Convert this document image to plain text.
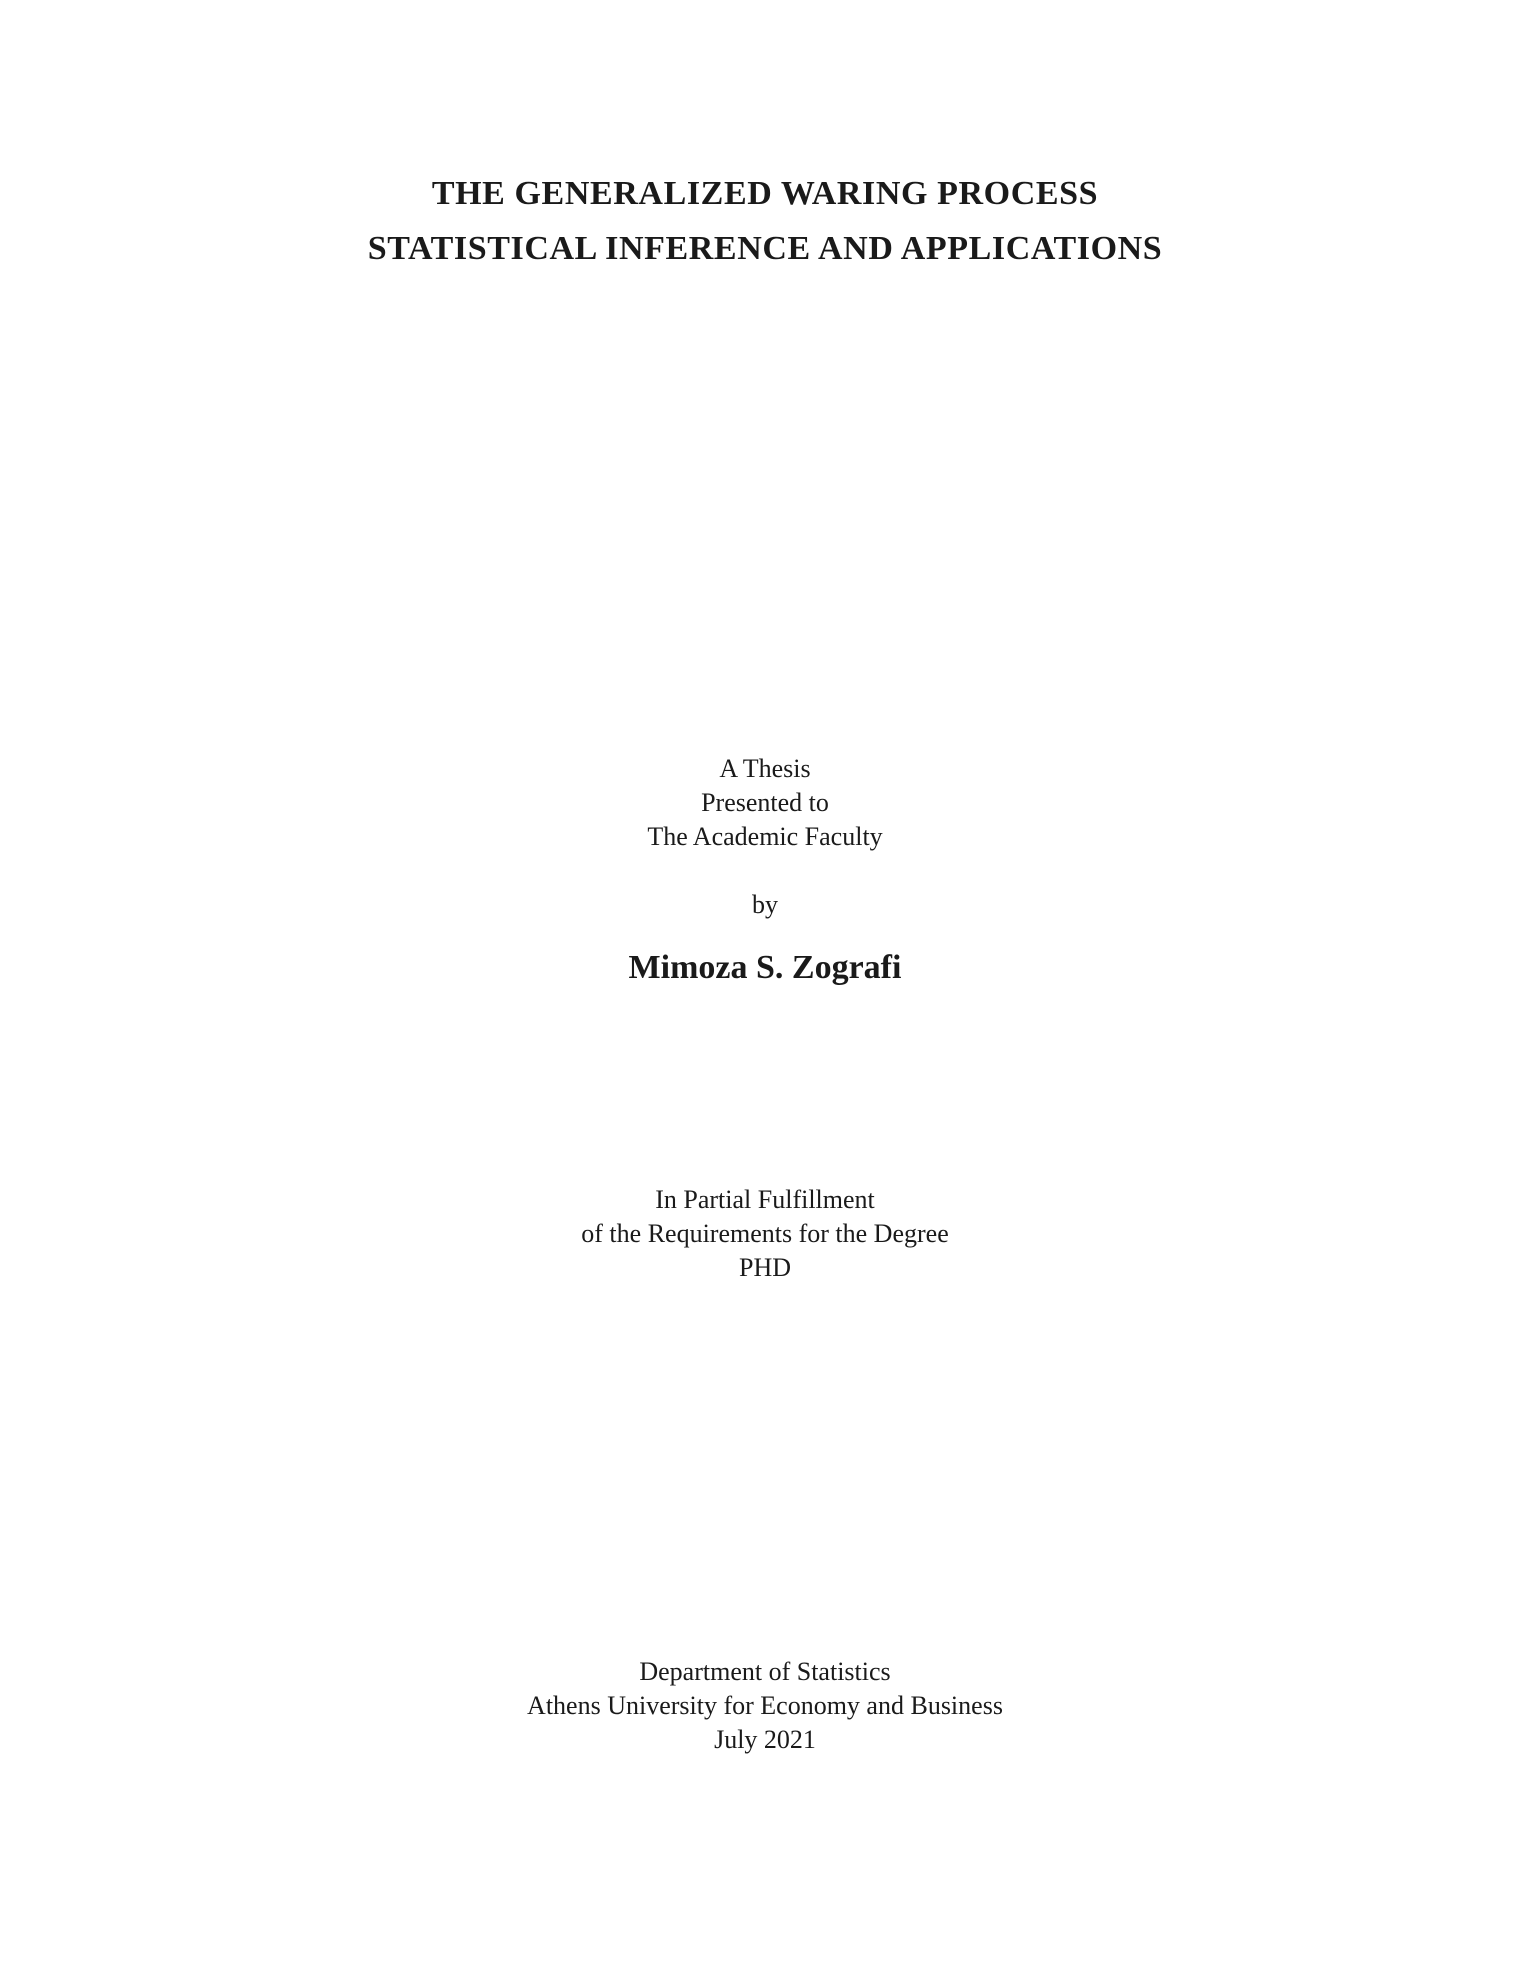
THE GENERALIZED WARING PROCESS
STATISTICAL INFERENCE AND APPLICATIONS
A Thesis
Presented to
The Academic Faculty
by
Mimoza S. Zografi
In Partial Fulfillment
of the Requirements for the Degree
PHD
Department of Statistics
Athens University for Economy and Business
July 2021
